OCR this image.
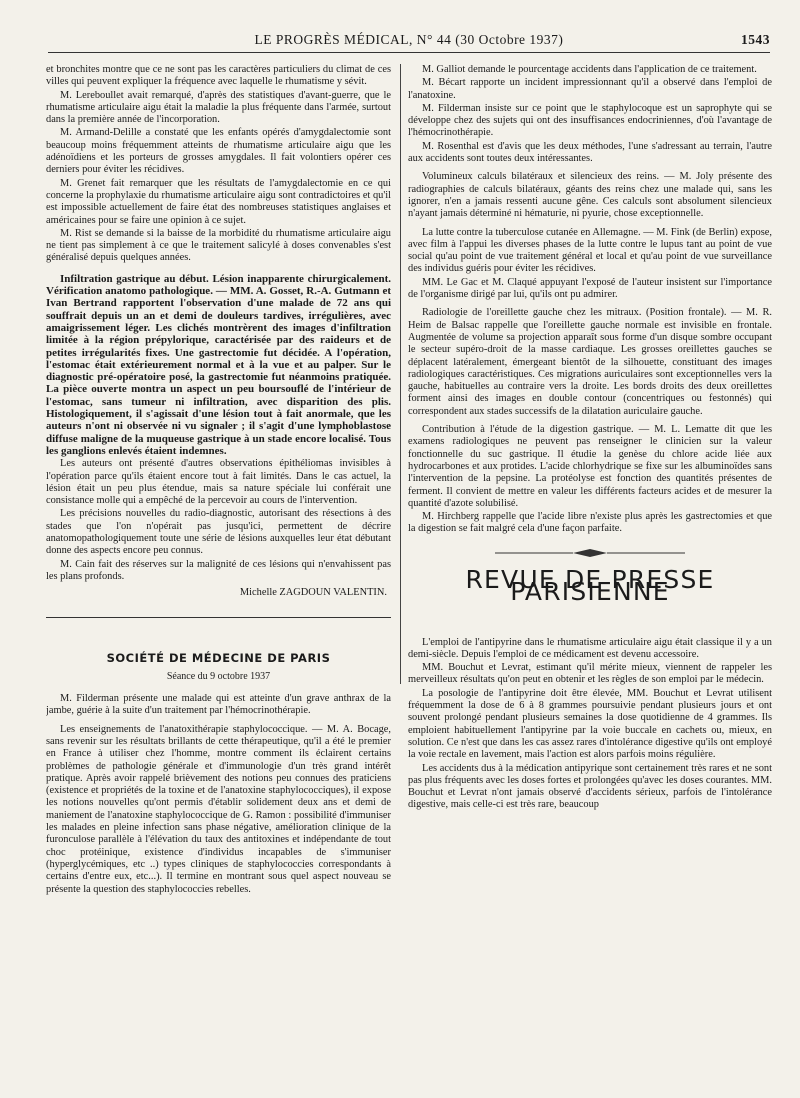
LE PROGRÈS MÉDICAL, N° 44 (30 Octobre 1937)	1543

et bronchites montre que ce ne sont pas les caractères particuliers du climat de ces villes qui peuvent expliquer la fréquence avec laquelle le rhumatisme y sévit.

M. Lereboullet avait remarqué, d'après des statistiques d'avant-guerre, que le rhumatisme articulaire aigu était la maladie la plus fréquente dans l'armée, surtout dans la première année de l'incorporation.

M. Armand-Delille a constaté que les enfants opérés d'amygdalectomie sont beaucoup moins fréquemment atteints de rhumatisme articulaire aigu que les adénoïdiens et les porteurs de grosses amygdales. Il fait volontiers opérer ces derniers pour éviter les récidives.

M. Grenet fait remarquer que les résultats de l'amygdalectomie en ce qui concerne la prophylaxie du rhumatisme articulaire aigu sont contradictoires et qu'il est impossible actuellement de faire état des nombreuses statistiques anglaises et américaines pour se faire une opinion à ce sujet.

M. Rist se demande si la baisse de la morbidité du rhumatisme articulaire aigu ne tient pas simplement à ce que le traitement salicylé à doses convenables s'est généralisé depuis quelques années.

Infiltration gastrique au début. Lésion inapparente chirurgicalement. Vérification anatomo pathologique. — MM. A. Gosset, R.-A. Gutmann et Ivan Bertrand rapportent l'observation d'une malade de 72 ans qui souffrait depuis un an et demi de douleurs tardives, irrégulières, avec amaigrissement léger. Les clichés montrèrent des images d'infiltration limitée à la région prépylorique, caractérisée par des raideurs et de petites irrégularités fixes. Une gastrectomie fut décidée. A l'opération, l'estomac était extérieurement normal et à la vue et au palper. Sur le diagnostic pré-opératoire posé, la gastrectomie fut néanmoins pratiquée. La pièce ouverte montra un aspect un peu boursouflé de l'intérieur de l'estomac, sans tumeur ni infiltration, avec disparition des plis. Histologiquement, il s'agissait d'une lésion tout à fait anormale, que les auteurs n'ont ni observée ni vu signaler ; il s'agit d'une lymphoblastose diffuse maligne de la muqueuse gastrique à un stade encore localisé. Tous les ganglions enlevés étaient indemnes.

Les auteurs ont présenté d'autres observations épithéliomas invisibles à l'opération parce qu'ils étaient encore tout à fait limités. Dans le cas actuel, la lésion était un peu plus étendue, mais sa nature spéciale lui conférait une consistance molle qui a empêché de la percevoir au cours de l'intervention.

Les précisions nouvelles du radio-diagnostic, autorisant des résections à des stades que l'on n'opérait pas jusqu'ici, permettent de décrire anatomopathologiquement toute une série de lésions auxquelles leur état débutant donne des aspects encore peu connus.

M. Cain fait des réserves sur la malignité de ces lésions qui n'envahissent pas les plans profonds.

Michelle ZAGDOUN VALENTIN.
SOCIÉTÉ DE MÉDECINE DE PARIS
Séance du 9 octobre 1937

M. Filderman présente une malade qui est atteinte d'un grave anthrax de la jambe, guérie à la suite d'un traitement par l'hémocrinothérapie.

Les enseignements de l'anatoxithérapie staphylococcique. — M. A. Bocage, sans revenir sur les résultats brillants de cette thérapeutique, qu'il a été le premier en France à utiliser chez l'homme, montre comment ils éclairent certains problèmes de pathologie générale et d'immunologie d'un très grand intérêt pratique. Après avoir rappelé brièvement des notions peu connues des praticiens (existence et propriétés de la toxine et de l'anatoxine staphylococciques), il expose les notions nouvelles qu'ont permis d'établir solidement deux ans et demi de maniement de l'anatoxine staphylococcique de G. Ramon : possibilité d'immuniser les malades en pleine infection sans phase négative, amélioration clinique de la furonculose parallèle à l'élévation du taux des antitoxines et indépendante de tout choc protéinique, existence d'individus incapables de s'immuniser (hyperglycémiques, etc ..) types cliniques de staphylococcies correspondants à certains d'entre eux, etc...). Il termine en montrant sous quel aspect nouveau se présente la question des staphylococcies rebelles.

M. Galliot demande le pourcentage accidents dans l'application de ce traitement.

M. Bécart rapporte un incident impressionnant qu'il a observé dans l'emploi de l'anatoxine.

M. Filderman insiste sur ce point que le staphylocoque est un saprophyte qui se développe chez des sujets qui ont des insuffisances endocriniennes, d'où l'avantage de l'hémocrinothérapie.

M. Rosenthal est d'avis que les deux méthodes, l'une s'adressant au terrain, l'autre aux accidents sont toutes deux intéressantes.

Volumineux calculs bilatéraux et silencieux des reins. — M. Joly présente des radiographies de calculs bilatéraux, géants des reins chez une malade qui, sans les ignorer, n'en a jamais ressenti aucune gêne. Ces calculs sont absolument silencieux n'ayant jamais déterminé ni hématurie, ni pyurie, chose exceptionnelle.

La lutte contre la tuberculose cutanée en Allemagne. — M. Fink (de Berlin) expose, avec film à l'appui les diverses phases de la lutte contre le lupus tant au point de vue social qu'au point de vue traitement général et local et qu'au point de vue surveillance des individus guéris pour éviter les récidives.

MM. Le Gac et M. Claqué appuyant l'exposé de l'auteur insistent sur l'importance de l'organisme dirigé par lui, qu'ils ont pu admirer.

Radiologie de l'oreillette gauche chez les mitraux. (Position frontale). — M. R. Heim de Balsac rappelle que l'oreillette gauche normale est invisible en frontale. Augmentée de volume sa projection apparaît sous forme d'un disque sombre occupant le secteur supéro-droit de la masse cardiaque. Les grosses oreillettes gauches se déplacent latéralement, émergeant bientôt de la silhouette, constituant des images radiologiques caractéristiques. Ces migrations auriculaires sont exceptionnelles vers la gauche, habituelles au contraire vers la droite. Les bords droits des deux oreillettes forment ainsi des images en double contour (concentriques ou festonnés) qui correspondent aux stades successifs de la dilatation auriculaire gauche.

Contribution à l'étude de la digestion gastrique. — M. L. Lematte dit que les examens radiologiques ne peuvent pas renseigner le clinicien sur la valeur fonctionnelle du suc gastrique. Il étudie la genèse du chlore acide liée aux hydrocarbones et aux protides. L'acide chlorhydrique se fixe sur les albuminoïdes sans l'intervention de la pepsine. La protéolyse est fonction des quantités présentes de ferment. Il convient de mettre en valeur les différents facteurs acides et de mesurer la quantité d'azote solubilisé.

M. Hirchberg rappelle que l'acide libre n'existe plus après les gastrectomies et que la digestion se fait malgré cela d'une façon parfaite.

REVUE DE PRESSE PARISIENNE

L'emploi de l'antipyrine dans le rhumatisme articulaire aigu était classique il y a un demi-siècle. Depuis l'emploi de ce médicament est devenu accessoire.

MM. Bouchut et Levrat, estimant qu'il mérite mieux, viennent de rappeler les merveilleux résultats qu'on peut en obtenir et les règles de son emploi par le médecin.

La posologie de l'antipyrine doit être élevée, MM. Bouchut et Levrat utilisent fréquemment la dose de 6 à 8 grammes poursuivie pendant plusieurs jours et ont souvent prolongé pendant plusieurs semaines la dose quotidienne de 4 grammes. Ils emploient habituellement l'antipyrine par la voie buccale en cachets ou, mieux, en solution. Ce n'est que dans les cas assez rares d'intolérance digestive qu'ils ont employé la voie rectale en lavement, mais l'action est alors parfois moins régulière.

Les accidents dus à la médication antipyrique sont certainement très rares et ne sont pas plus fréquents avec les doses fortes et prolongées qu'avec les doses courantes. MM. Bouchut et Levrat n'ont jamais observé d'accidents sérieux, parfois de l'intolérance digestive, mais celle-ci est très rare, beaucoup
